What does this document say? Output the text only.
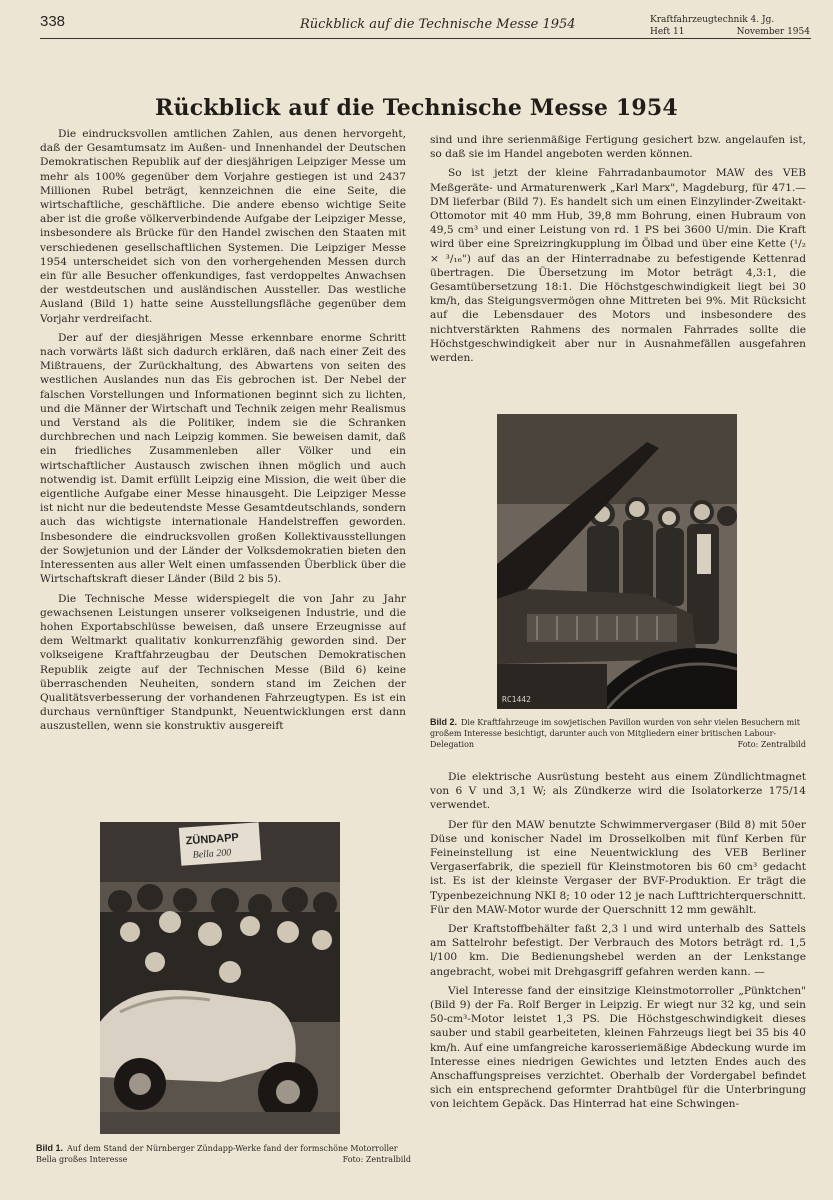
338	Rückblick auf die Technische Messe 1954	Kraftfahrzeugtechnik 4. Jg.
Heft 11	November 1954
Rückblick auf die Technische Messe 1954

Die eindrucksvollen amtlichen Zahlen, aus denen hervorgeht, daß der Gesamtumsatz im Außen- und Innenhandel der Deutschen Demokratischen Republik auf der diesjährigen Leipziger Messe um mehr als 100% gegenüber dem Vorjahre gestiegen ist und 2437 Millionen Rubel beträgt, kennzeichnen die eine Seite, die wirtschaftliche, geschäftliche. Die andere ebenso wichtige Seite aber ist die große völkerverbindende Aufgabe der Leipziger Messe, insbesondere als Brücke für den Handel zwischen den Staaten mit verschiedenen gesellschaftlichen Systemen. Die Leipziger Messe 1954 unterscheidet sich von den vorhergehenden Messen durch ein für alle Besucher offenkundiges, fast verdoppeltes Anwachsen der westdeutschen und ausländischen Aussteller. Das westliche Ausland (Bild 1) hatte seine Ausstellungsfläche gegenüber dem Vorjahr verdreifacht.

Der auf der diesjährigen Messe erkennbare enorme Schritt nach vorwärts läßt sich dadurch erklären, daß nach einer Zeit des Mißtrauens, der Zurückhaltung, des Abwartens von seiten des westlichen Auslandes nun das Eis gebrochen ist. Der Nebel der falschen Vorstellungen und Informationen beginnt sich zu lichten, und die Männer der Wirtschaft und Technik zeigen mehr Realismus und Verstand als die Politiker, indem sie die Schranken durchbrechen und nach Leipzig kommen. Sie beweisen damit, daß ein friedliches Zusammenleben aller Völker und ein wirtschaftlicher Austausch zwischen ihnen möglich und auch notwendig ist. Damit erfüllt Leipzig eine Mission, die weit über die eigentliche Aufgabe einer Messe hinausgeht. Die Leipziger Messe ist nicht nur die bedeutendste Messe Gesamtdeutschlands, sondern auch das wichtigste internationale Handelstreffen geworden. Insbesondere die eindrucksvollen großen Kollektivausstellungen der Sowjetunion und der Länder der Volksdemokratien bieten den Interessenten aus aller Welt einen umfassenden Überblick über die Wirtschaftskraft dieser Länder (Bild 2 bis 5).

Die Technische Messe widerspiegelt die von Jahr zu Jahr gewachsenen Leistungen unserer volkseigenen Industrie, und die hohen Exportabschlüsse beweisen, daß unsere Erzeugnisse auf dem Weltmarkt qualitativ konkurrenzfähig geworden sind. Der volkseigene Kraftfahrzeugbau der Deutschen Demokratischen Republik zeigte auf der Technischen Messe (Bild 6) keine überraschenden Neuheiten, sondern stand im Zeichen der Qualitätsverbesserung der vorhandenen Fahrzeugtypen. Es ist ein durchaus vernünftiger Standpunkt, Neuentwicklungen erst dann auszustellen, wenn sie konstruktiv ausgereift

sind und ihre serienmäßige Fertigung gesichert bzw. angelaufen ist, so daß sie im Handel angeboten werden können.

So ist jetzt der kleine Fahrradanbaumotor MAW des VEB Meßgeräte- und Armaturenwerk „Karl Marx", Magdeburg, für 471.— DM lieferbar (Bild 7). Es handelt sich um einen Einzylinder-Zweitakt-Ottomotor mit 40 mm Hub, 39,8 mm Bohrung, einen Hubraum von 49,5 cm³ und einer Leistung von rd. 1 PS bei 3600 U/min. Die Kraft wird über eine Spreizringkupplung im Ölbad und über eine Kette (¹/₂ × ³/₁₆") auf das an der Hinterradnabe zu befestigende Kettenrad übertragen. Die Übersetzung im Motor beträgt 4,3:1, die Gesamtübersetzung 18:1. Die Höchstgeschwindigkeit liegt bei 30 km/h, das Steigungsvermögen ohne Mittreten bei 9%. Mit Rücksicht auf die Lebensdauer des Motors und insbesondere des nichtverstärkten Rahmens des normalen Fahrrades sollte die Höchstgeschwindigkeit aber nur in Ausnahmefällen ausgefahren werden.

RC1442
Bild 2. Die Kraftfahrzeuge im sowjetischen Pavillon wurden von sehr vielen Besuchern mit großem Interesse besichtigt, darunter auch von Mitgliedern einer britischen Labour-Delegation	Foto: Zentralbild

Die elektrische Ausrüstung besteht aus einem Zündlichtmagnet von 6 V und 3,1 W; als Zündkerze wird die Isolatorkerze 175/14 verwendet.

Der für den MAW benutzte Schwimmervergaser (Bild 8) mit 50er Düse und konischer Nadel im Drosselkolben mit fünf Kerben für Feineinstellung ist eine Neuentwicklung des VEB Berliner Vergaserfabrik, die speziell für Kleinstmotoren bis 60 cm³ gedacht ist. Es ist der kleinste Vergaser der BVF-Produktion. Er trägt die Typenbezeichnung NKI 8; 10 oder 12 je nach Lufttrichterquerschnitt. Für den MAW-Motor wurde der Querschnitt 12 mm gewählt.

Der Kraftstoffbehälter faßt 2,3 l und wird unterhalb des Sattels am Sattelrohr befestigt. Der Verbrauch des Motors beträgt rd. 1,5 l/100 km. Die Bedienungshebel werden an der Lenkstange angebracht, wobei mit Drehgasgriff gefahren werden kann. —

Viel Interesse fand der einsitzige Kleinstmotorroller „Pünktchen" (Bild 9) der Fa. Rolf Berger in Leipzig. Er wiegt nur 32 kg, und sein 50-cm³-Motor leistet 1,3 PS. Die Höchstgeschwindigkeit dieses sauber und stabil gearbeiteten, kleinen Fahrzeugs liegt bei 35 bis 40 km/h. Auf eine umfangreiche karosseriemäßige Abdeckung wurde im Interesse eines niedrigen Gewichtes und letzten Endes auch des Anschaffungspreises verzichtet. Oberhalb der Vordergabel befindet sich ein entsprechend geformter Drahtbügel für die Unterbringung von leichtem Gepäck. Das Hinterrad hat eine Schwingen-

ZÜNDAPP
Bella 200
Bild 1. Auf dem Stand der Nürnberger Zündapp-Werke fand der formschöne Motorroller Bella großes Interesse	Foto: Zentralbild
